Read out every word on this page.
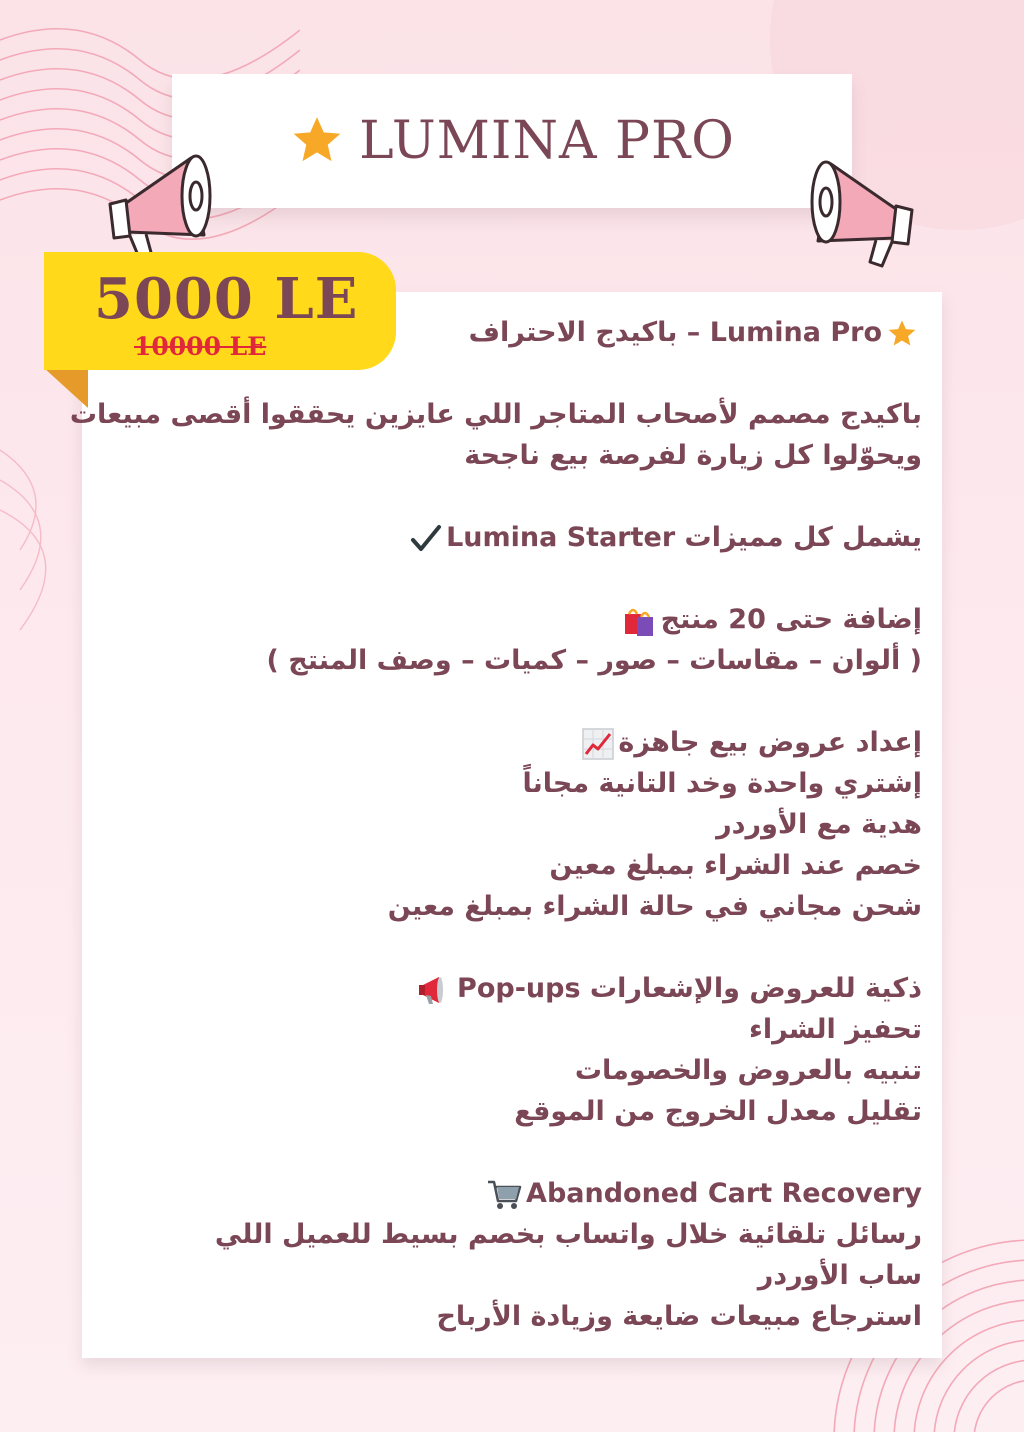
LUMINA PRO
5000 LE
10000 LE	Lumina Pro – باكيدج الاحتراف
باكيدج مصمم لأصحاب المتاجر اللي عايزين يحققوا أقصى مبيعات
ويحوّلوا كل زيارة لفرصة بيع ناجحة
يشمل كل مميزات Lumina Starter
إضافة حتى 20 منتج
( ألوان – مقاسات – صور – كميات – وصف المنتج )
إعداد عروض بيع جاهزة
إشتري واحدة وخد التانية مجاناً
هدية مع الأوردر
خصم عند الشراء بمبلغ معين
شحن مجاني في حالة الشراء بمبلغ معين
ذكية للعروض والإشعارات Pop-ups
تحفيز الشراء
تنبيه بالعروض والخصومات
تقليل معدل الخروج من الموقع
Abandoned Cart Recovery
رسائل تلقائية خلال واتساب بخصم بسيط للعميل اللي ساب الأوردر
استرجاع مبيعات ضايعة وزيادة الأرباح
